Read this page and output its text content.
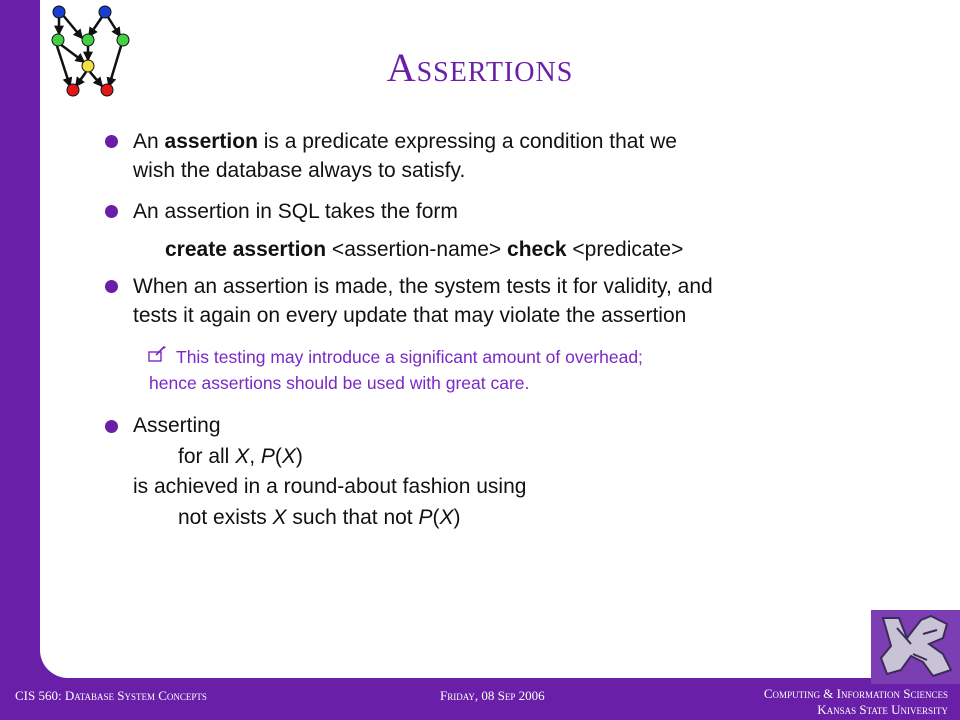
Assertions
An assertion is a predicate expressing a condition that we
wish the database always to satisfy.
An assertion in SQL takes the form
create assertion <assertion-name> check <predicate>
When an assertion is made, the system tests it for validity, and
tests it again on every update that may violate the assertion
This testing may introduce a significant amount of overhead;
hence assertions should be used with great care.
Asserting
for all X, P(X)
is achieved in a round-about fashion using
not exists X such that not P(X)
CIS 560: Database System Concepts	Friday, 08 Sep 2006	Computing & Information Sciences
Kansas State University
